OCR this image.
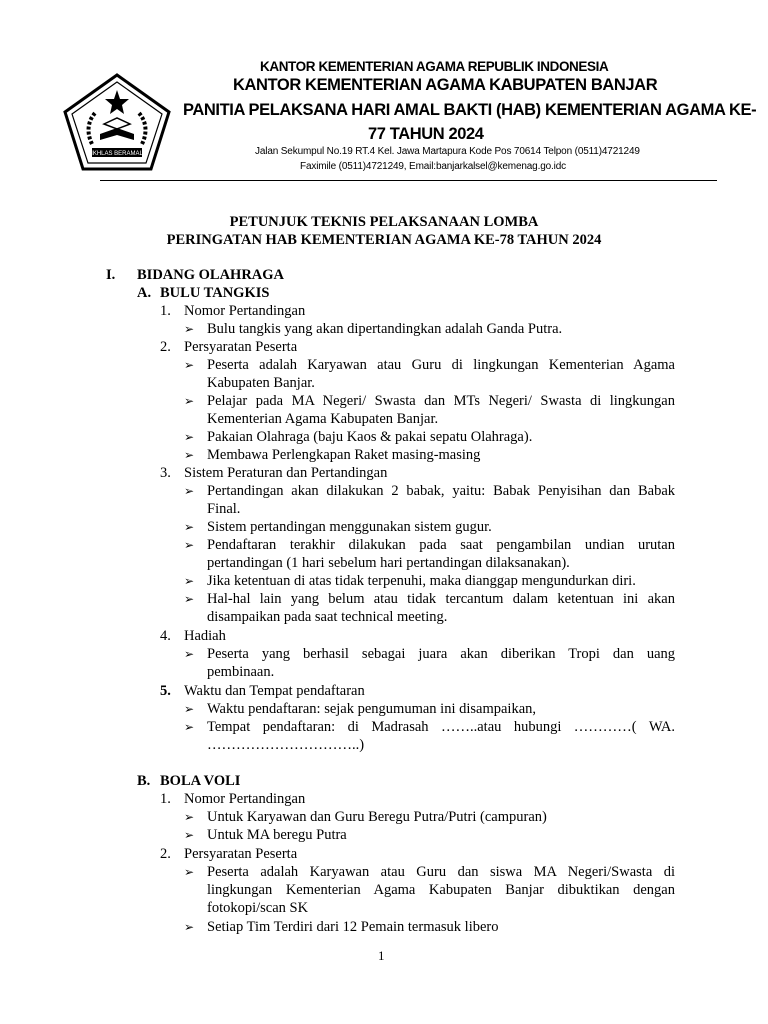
IKHLAS BERAMAL
KANTOR KEMENTERIAN AGAMA REPUBLIK INDONESIA
KANTOR KEMENTERIAN AGAMA KABUPATEN BANJAR
PANITIA PELAKSANA HARI AMAL BAKTI (HAB) KEMENTERIAN AGAMA KE-
77 TAHUN 2024
Jalan Sekumpul No.19 RT.4 Kel. Jawa Martapura Kode Pos 70614 Telpon (0511)4721249
Faximile (0511)4721249, Email:banjarkalsel@kemenag.go.idc
PETUNJUK TEKNIS PELAKSANAAN LOMBA
PERINGATAN HAB KEMENTERIAN AGAMA KE-78 TAHUN 2024
I. BIDANG OLAHRAGA
A. BULU TANGKIS
1. Nomor Pertandingan
➢ Bulu tangkis yang akan dipertandingkan adalah Ganda Putra.
2. Persyaratan Peserta
➢ Peserta adalah Karyawan atau Guru di lingkungan Kementerian Agama
Kabupaten Banjar.
➢ Pelajar pada MA Negeri/ Swasta dan MTs Negeri/ Swasta di lingkungan
Kementerian Agama Kabupaten Banjar.
➢ Pakaian Olahraga (baju Kaos & pakai sepatu Olahraga).
➢ Membawa Perlengkapan Raket masing-masing
3. Sistem Peraturan dan Pertandingan
➢ Pertandingan akan dilakukan 2 babak, yaitu: Babak Penyisihan dan Babak
Final.
➢ Sistem pertandingan menggunakan sistem gugur.
➢ Pendaftaran terakhir dilakukan pada saat pengambilan undian urutan
pertandingan (1 hari sebelum hari pertandingan dilaksanakan).
➢ Jika ketentuan di atas tidak terpenuhi, maka dianggap mengundurkan diri.
➢ Hal-hal lain yang belum atau tidak tercantum dalam ketentuan ini akan
disampaikan pada saat technical meeting.
4. Hadiah
➢ Peserta yang berhasil sebagai juara akan diberikan Tropi dan uang
pembinaan.
5. Waktu dan Tempat pendaftaran
➢ Waktu pendaftaran: sejak pengumuman ini disampaikan,
➢ Tempat pendaftaran: di Madrasah ……..atau hubungi …………( WA.
…………………………..)
B. BOLA VOLI
1. Nomor Pertandingan
➢ Untuk Karyawan dan Guru Beregu Putra/Putri (campuran)
➢ Untuk MA beregu Putra
2. Persyaratan Peserta
➢ Peserta adalah Karyawan atau Guru dan siswa MA Negeri/Swasta di
lingkungan Kementerian Agama Kabupaten Banjar dibuktikan dengan
fotokopi/scan SK
➢ Setiap Tim Terdiri dari 12 Pemain termasuk libero
1
